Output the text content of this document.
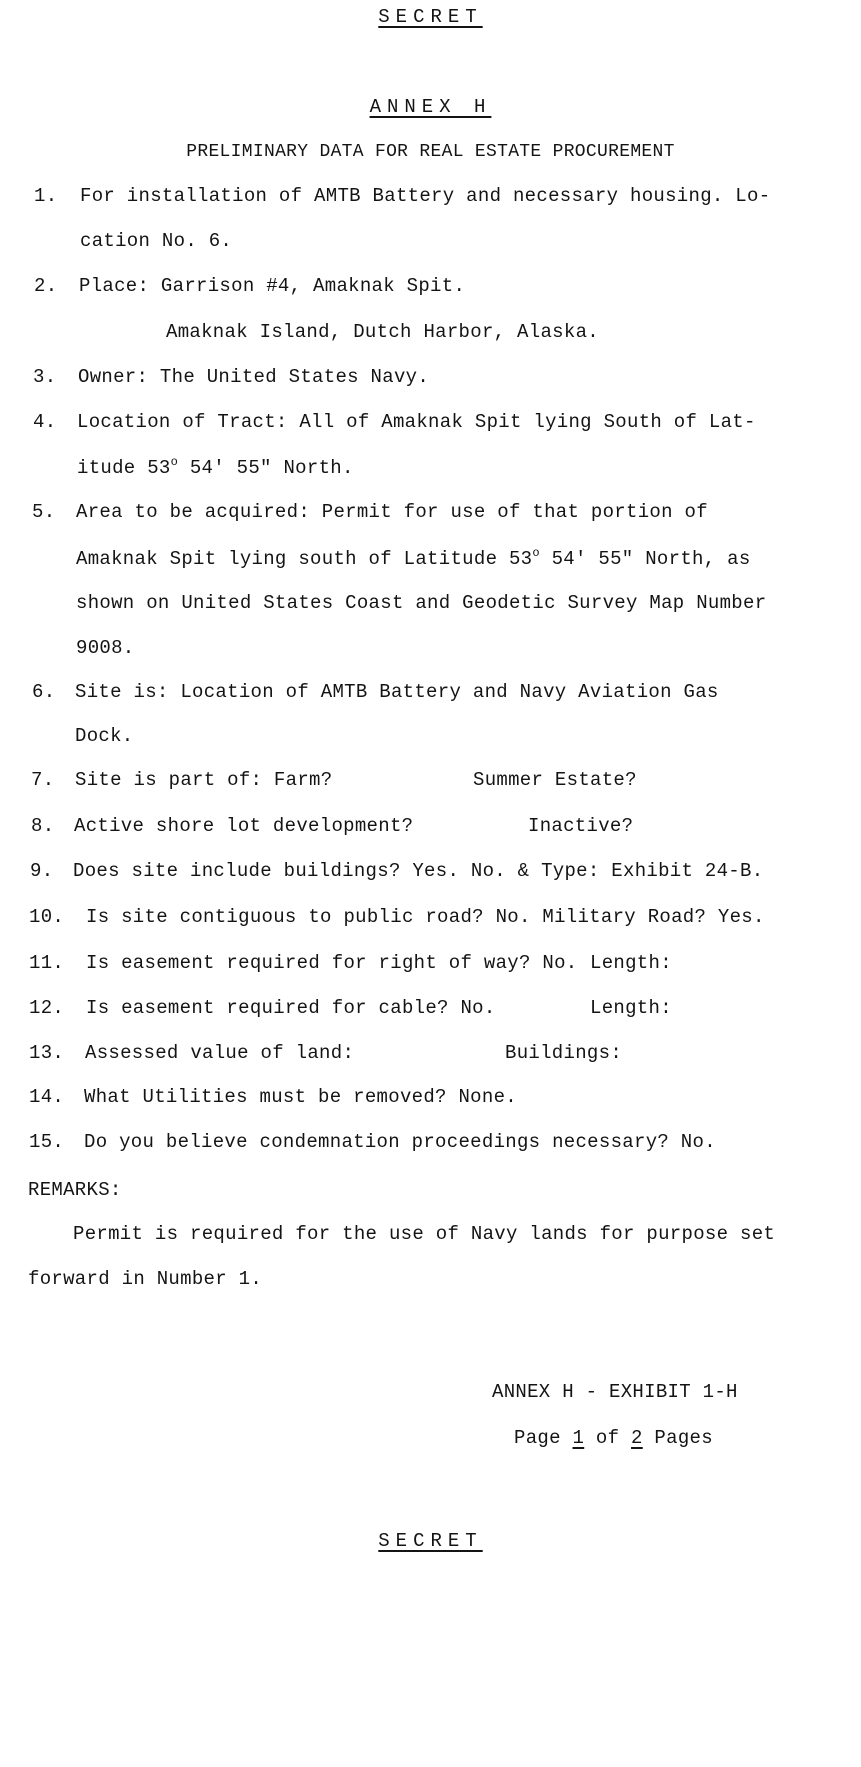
SECRET
ANNEX H
PRELIMINARY DATA FOR REAL ESTATE PROCUREMENT
1. For installation of AMTB Battery and necessary housing. Lo-
cation No. 6.
2. Place: Garrison #4, Amaknak Spit.
Amaknak Island, Dutch Harbor, Alaska.
3. Owner: The United States Navy.
4. Location of Tract: All of Amaknak Spit lying South of Lat-
itude 53$^o$ 54' 55" North.
5. Area to be acquired: Permit for use of that portion of
Amaknak Spit lying south of Latitude 53$^o$ 54' 55" North, as
shown on United States Coast and Geodetic Survey Map Number
9008.
6. Site is: Location of AMTB Battery and Navy Aviation Gas
Dock.
7. Site is part of: Farm?	Summer Estate?
8. Active shore lot development?	Inactive?
9. Does site include buildings? Yes. No. & Type: Exhibit 24-B.
10. Is site contiguous to public road? No. Military Road? Yes.
11. Is easement required for right of way? No. Length:
12. Is easement required for cable? No.	Length:
13. Assessed value of land:	Buildings:
14. What Utilities must be removed? None.
15. Do you believe condemnation proceedings necessary? No.
REMARKS:
Permit is required for the use of Navy lands for purpose set
forward in Number 1.
ANNEX H - EXHIBIT 1-H
Page 1 of 2 Pages
SECRET
